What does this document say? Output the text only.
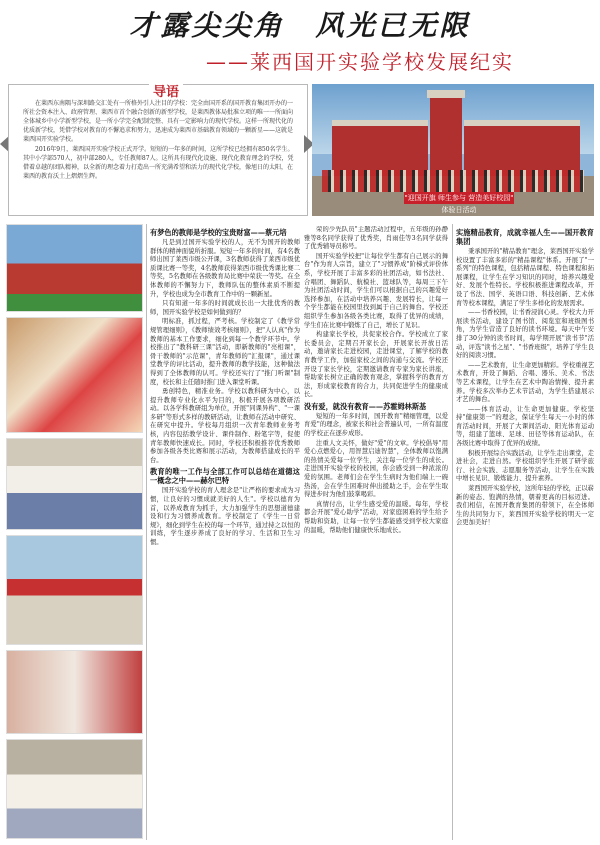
才露尖尖角　风光已无限
——莱西国开实验学校发展纪实
导语

在莱西东南隅与深圳路交汇处有一所格外引人注目的学校：完全由国开系的国开教育集团开办的一所社会资本注入、政府管理、莱西市首个融合创新的新型学校，是莱西教体局批准立项的唯一一所面向全体城乡中小学新型学校，是一所小学完全配制完整、具有一定影响力的现代学校。这样一所现代化的优质新学校，凭借学校对教育的不懈追求和努力，迅速成为莱西市基础教育领域的一颗新星——这就是莱西国开实验学校。

2016年9月，莱西国开实验学校正式开学。短短的一年多的时间，这所学校已经拥有850名学生。其中小学部570人，初中部280人，专任教师87人。这所具有现代化设施、现代化教育理念的学校，凭借着卓越的团队精神，以全新的理念着力打造出一所充满希望和活力的现代化学校，像旭日的太阳，在莱西的教育沃土上熠熠生辉。

"迎国开旗 师生参与 营造美好校园" 体验日活动
有梦色的教师是学校的宝贵财富——蔡元培

凡是到过国开实验学校的人，无不为国开的教师群体的精神面貌所折服。短短一年多的时间，有4名教师出国了莱西市级公开课，3名教师获得了莱西市级优质课比赛一等奖，4名教师获得莱西市级优秀课比赛二等奖，5名教师在各级教育局比赛中荣获一等奖。在全体教师的不懈努力下，教师队伍的整体素质不断提升，学校也成为全市教育工作中的一颗新星。

只有知道一年多的时间就成长出一大批优秀的教师，国开实验学校是如何做到的？

明标准，抓过程，严考核。学校制定了《教学常规管理细则》，《教师绩效考核细则》，把"人认真"作为教师的基本工作要求，细化到每一个教学环节中。学校推出了"教科研三课"活动，即新教师的"亮相课"，骨干教师的"示范课"，青年教师的"汇报课"，通过课堂教学的评比活动，提升教师的教学技能，这种做法得到了全体教师的认可。学校还实行了"推门听课"制度，校长和主任随时推门进入课堂听课。

勇创特色，精准业务。学校以教科研为中心，以提升教师专业化水平为目的，积极开展各项教研活动。以各学科教研组为单位，开展"同课异构"、"一课多研"等形式多样的教研活动，让教师在活动中研究、在研究中提升。学校每月组织一次青年教师业务考核，内容包括教学设计、课件制作、粉笔字等，促使青年教师快速成长。同时，学校还积极推荐优秀教师参加各级各类比赛和展示活动，为教师搭建成长的平台。

教育的唯一工作与全部工作可以总结在道德这一概念之中——赫尔巴特

国开实验学校的育人理念是"让严格的要求成为习惯，让良好的习惯成就美好的人生"。学校以德育为首，以养成教育为抓手，大力加强学生的思想道德建设和行为习惯养成教育。学校制定了《学生一日常规》，细化到学生在校的每一个环节，通过持之以恒的训练，学生逐步养成了良好的学习、生活和卫生习惯。

荣的少先队员"主题活动过程中，五年级的孙静雅等8名同学获得了优秀奖，肖雨佳等3名同学获得了优秀辅导员称号。

国开实验学校把"让每位学生都有自己展示的舞台"作为育人宗旨，建立了"习惯养成"阶梯式评价体系，学校开展了丰富多彩的社团活动，如书法社、合唱团、舞蹈队、航模社、篮球队等，每周三下午为社团活动时间，学生们可以根据自己的兴趣爱好选择参加，在活动中培养兴趣、发展特长，让每一个学生都能在校园里找到属于自己的舞台。学校还组织学生参加各级各类比赛，取得了优异的成绩，学生们在比赛中锻炼了自己，增长了见识。

构建家长学校，共促家校合作。学校成立了家长委员会，定期召开家长会，开展家长开放日活动，邀请家长走进校园，走进课堂，了解学校的教育教学工作，加强家校之间的沟通与交流。学校还开设了家长学校，定期邀请教育专家为家长讲座，帮助家长树立正确的教育观念，掌握科学的教育方法，形成家校教育的合力，共同促进学生的健康成长。

没有爱，就没有教育——苏霍姆林斯基

短短的一年多时间，国开教育"精细管理，以爱育爱"的理念，被家长和社会普遍认可，一所有温度的学校正在逐步成形。

注重人文关怀，做好"爱"的文章。学校倡导"用爱心点燃爱心，用智慧启迪智慧"，全体教师以饱满的热情关爱每一位学生，关注每一位学生的成长。走进国开实验学校的校园，你会感受到一种浓浓的爱的氛围。老师们会在学生生病时为他们端上一碗热汤，会在学生困难时伸出援助之手，会在学生取得进步时为他们鼓掌喝彩。

真情付出，让学生感受爱的温暖。每年，学校都会开展"爱心助学"活动，对家庭困难的学生给予帮助和资助，让每一位学生都能感受到学校大家庭的温暖，帮助他们健康快乐地成长。

实施精品教育，成就幸福人生——国开教育集团

秉承国开的"精品教育"理念，莱西国开实验学校设置了丰富多彩的"精品课程"体系。开展了"一系列"的特色课程，包括精品课程、特色课程和拓展课程，让学生在学习知识的同时，培养兴趣爱好、发展个性特长。学校积极推进课程改革，开设了书法、国学、英语口语、科技创新、艺术体育等校本课程，满足了学生多样化的发展需求。

——书香校园，让书香浸润心灵。学校大力开展读书活动，建设了图书馆、阅览室和班级图书角，为学生营造了良好的读书环境。每天中午安排了30分钟的读书时间，每学期开展"读书节"活动，评选"读书之星"、"书香班级"，培养了学生良好的阅读习惯。

——艺术教育，让生命更加精彩。学校重视艺术教育，开设了舞蹈、合唱、器乐、美术、书法等艺术课程，让学生在艺术中陶冶情操、提升素养。学校多次举办艺术节活动，为学生搭建展示才艺的舞台。

——体育活动，让生命更加健康。学校坚持"健康第一"的理念，保证学生每天一小时的体育活动时间，开展了大课间活动、阳光体育运动等，组建了篮球、足球、田径等体育运动队，在各级比赛中取得了优异的成绩。

积极开展综合实践活动，让学生走出课堂，走进社会，走进自然。学校组织学生开展了研学旅行、社会实践、志愿服务等活动，让学生在实践中增长见识、锻炼能力、提升素养。

莱西国开实验学校，这所年轻的学校，正以崭新的姿态、饱满的热情，朝着更高的目标迈进。我们相信，在国开教育集团的带领下，在全体师生的共同努力下，莱西国开实验学校的明天一定会更加美好！
